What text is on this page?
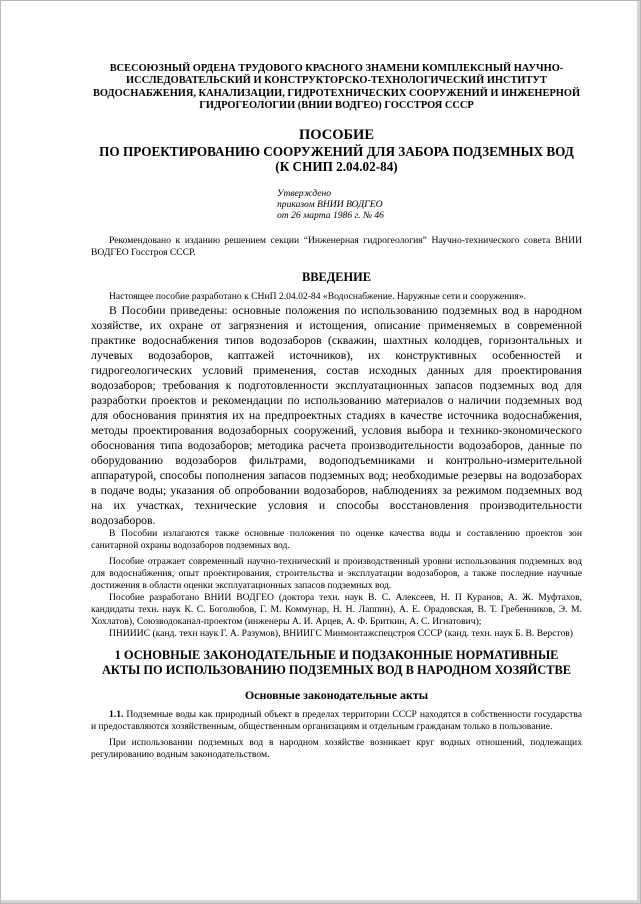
ВСЕСОЮЗНЫЙ ОРДЕНА ТРУДОВОГО КРАСНОГО ЗНАМЕНИ КОМПЛЕКСНЫЙ НАУЧНО-
ИССЛЕДОВАТЕЛЬСКИЙ И КОНСТРУКТОРСКО-ТЕХНОЛОГИЧЕСКИЙ ИНСТИТУТ
ВОДОСНАБЖЕНИЯ, КАНАЛИЗАЦИИ, ГИДРОТЕХНИЧЕСКИХ СООРУЖЕНИЙ И ИНЖЕНЕРНОЙ
ГИДРОГЕОЛОГИИ (ВНИИ ВОДГЕО) ГОССТРОЯ СССР
ПОСОБИЕ
ПО ПРОЕКТИРОВАНИЮ СООРУЖЕНИЙ ДЛЯ ЗАБОРА ПОДЗЕМНЫХ ВОД
(К СНИП 2.04.02-84)
Утверждено
приказом ВНИИ ВОДГЕО
от 26 марта 1986 г. № 46

Рекомендовано к изданию решением секции “Инженерная гидрогеология” Научно-технического совета ВНИИ ВОДГЕО Госстроя СССР.

ВВЕДЕНИЕ

Настоящее пособие разработано к СНиП 2.04.02-84 «Водоснабжение. Наружные сети и сооружения».

В Пособии приведены: основные положения по использованию подземных вод в народном хозяйстве, их охране от загрязнения и истощения, описание применяемых в современной практике водоснабжения типов водозаборов (скважин, шахтных колодцев, горизонтальных и лучевых водозаборов, каптажей источников), их конструктивных особенностей и гидрогеологических условий применения, состав исходных данных для проектирования водозаборов; требования к подготовленности эксплуатационных запасов подземных вод для разработки проектов и рекомендации по использованию материалов о наличии подземных вод для обоснования принятия их на предпроектных стадиях в качестве источника водоснабжения, методы проектирования водозаборных сооружений, условия выбора и технико-экономического обоснования типа водозаборов; методика расчета производительности водозаборов, данные по оборудованию водозаборов фильтрами, водоподъемниками и контрольно-измерительной аппаратурой, способы пополнения запасов подземных вод; необходимые резервы на водозаборах в подаче воды; указания об опробовании водозаборов, наблюдениях за режимом подземных вод на их участках, технические условия и способы восстановления производительности водозаборов.

В Пособии излагаются также основные положения по оценке качества воды и составлению проектов зон санитарной охраны водозаборов подземных вод.

Пособие отражает современный научно-технический и производственный уровни использования подземных вод для водоснабжения, опыт проектирования, строительства и эксплуатации водозаборов, а также последние научные достижения в области оценки эксплуатационных запасов подземных вод.

Пособие разработано ВНИИ ВОДГЕО (доктора техн. наук В. С. Алексеев, Н. П Куранов, А. Ж. Муфтахов, кандидаты техн. наук К. С. Боголюбов, Г. М. Коммунар, Н. Н. Лаппин), А. Е. Орадовская, В. Т. Гребенников, Э. М. Хохлатов), Союзводоканал-проектом (инженеры А. И. Арцев, А. Ф. Бриткин, А. С. Игнатович);

ПНИИИС (канд. техн наук Г. А. Разумов), ВНИИГС Минмонтажспецстроя СССР (канд. техн. наук Б. В. Верстов)

1 ОСНОВНЫЕ ЗАКОНОДАТЕЛЬНЫЕ И ПОДЗАКОННЫЕ НОРМАТИВНЫЕ
АКТЫ ПО ИСПОЛЬЗОВАНИЮ ПОДЗЕМНЫХ ВОД В НАРОДНОМ ХОЗЯЙСТВЕ
Основные законодательные акты

1.1. Подземные воды как природный объект в пределах территории СССР находятся в собственности государства и предоставляются хозяйственным, общественным организациям и отдельным гражданам только в пользование.

При использовании подземных вод в народном хозяйстве возникает круг водных отношений, подлежащих регулированию водным законодательством.
